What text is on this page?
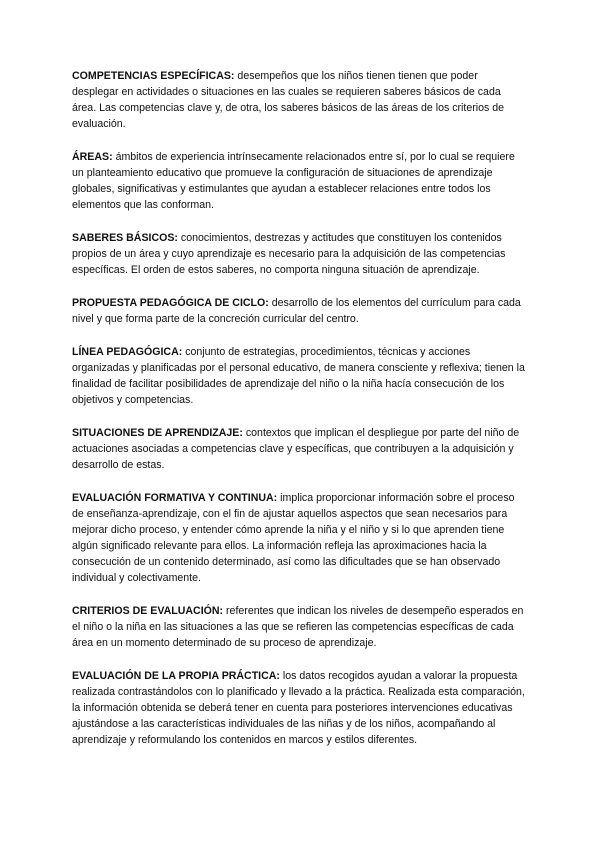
COMPETENCIAS ESPECÍFICAS: desempeños que los niños tienen tienen que poder desplegar en actividades o situaciones en las cuales se requieren saberes básicos de cada área. Las competencias clave y, de otra, los saberes básicos de las áreas de los criterios de evaluación.

ÁREAS: ámbitos de experiencia intrínsecamente relacionados entre sí, por lo cual se requiere un planteamiento educativo que promueve la configuración de situaciones de aprendizaje globales, significativas y estimulantes que ayudan a establecer relaciones entre todos los elementos que las conforman.

SABERES BÁSICOS: conocimientos, destrezas y actitudes que constituyen los contenidos propios de un área y cuyo aprendizaje es necesario para la adquisición de las competencias específicas. El orden de estos saberes, no comporta ninguna situación de aprendizaje.

PROPUESTA PEDAGÓGICA DE CICLO: desarrollo de los elementos del currículum para cada nivel y que forma parte de la concreción curricular del centro.

LÍNEA PEDAGÓGICA: conjunto de estrategias, procedimientos, técnicas y acciones organizadas y planificadas por el personal educativo, de manera consciente y reflexiva; tienen la finalidad de facilitar posibilidades de aprendizaje del niño o la niña hacía consecución de los objetivos y competencias.

SITUACIONES DE APRENDIZAJE: contextos que implican el despliegue por parte del niño de actuaciones asociadas a competencias clave y específicas, que contribuyen a la adquisición y desarrollo de estas.

EVALUACIÓN FORMATIVA Y CONTINUA: implica proporcionar información sobre el proceso de enseñanza-aprendizaje, con el fin de ajustar aquellos aspectos que sean necesarios para mejorar dicho proceso, y entender cómo aprende la niña y el niño y si lo que aprenden tiene algún significado relevante para ellos. La información refleja las aproximaciones hacia la consecución de un contenido determinado, así como las dificultades que se han observado individual y colectivamente.

CRITERIOS DE EVALUACIÓN: referentes que indican los niveles de desempeño esperados en el niño o la niña en las situaciones a las que se refieren las competencias específicas de cada área en un momento determinado de su proceso de aprendizaje.

EVALUACIÓN DE LA PROPIA PRÁCTICA: los datos recogidos ayudan a valorar la propuesta realizada contrastándolos con lo planificado y llevado a la práctica. Realizada esta comparación, la información obtenida se deberá tener en cuenta para posteriores intervenciones educativas ajustándose a las características individuales de las niñas y de los niños, acompañando al aprendizaje y reformulando los contenidos en marcos y estilos diferentes.
